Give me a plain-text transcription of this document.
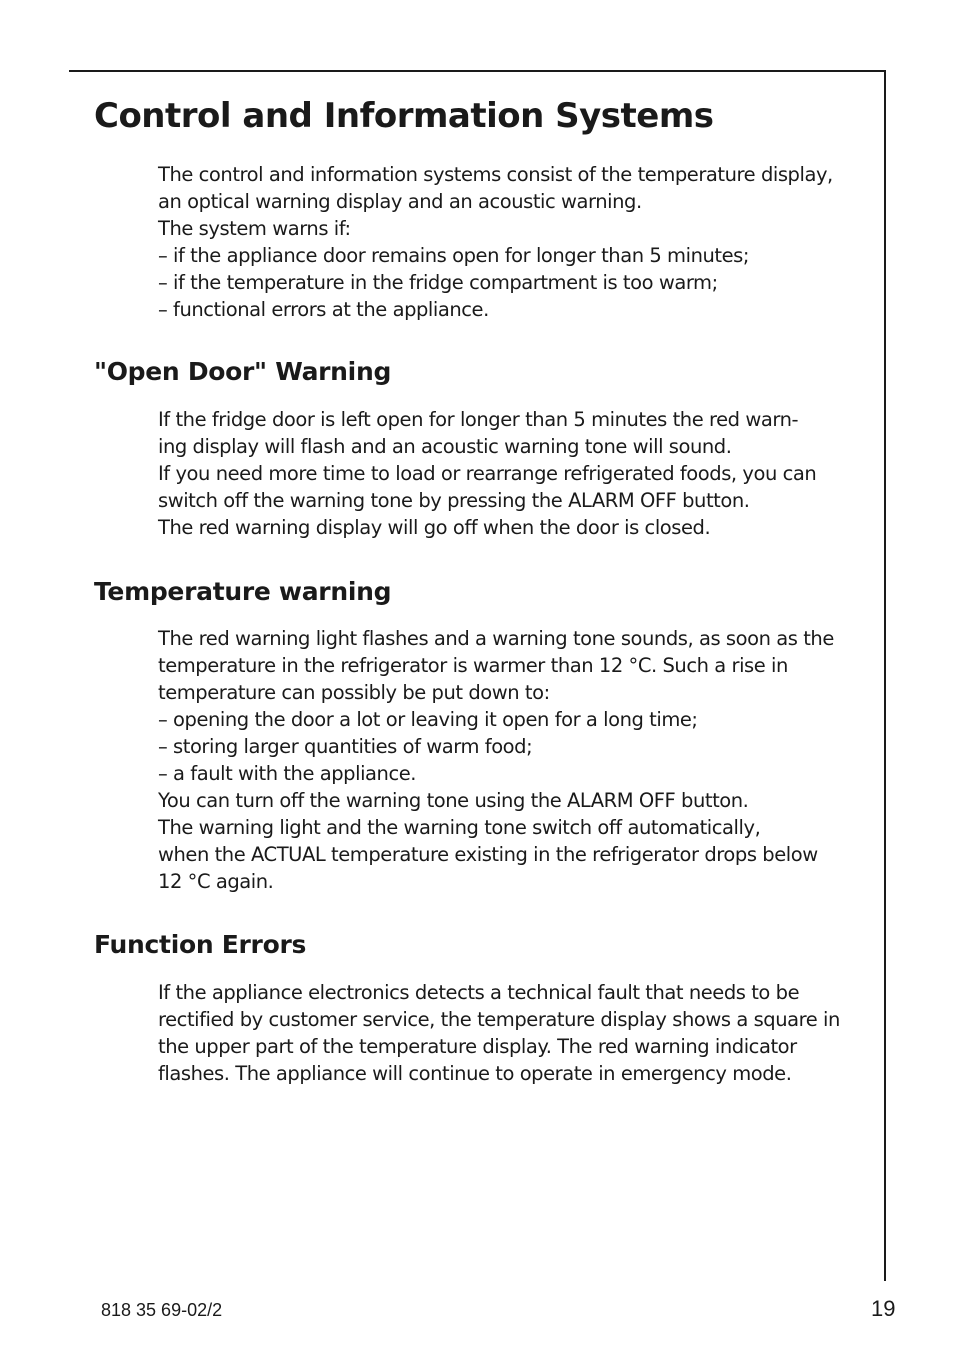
Control and Information Systems
The control and information systems consist of the temperature display,
an optical warning display and an acoustic warning.
The system warns if:
– if the appliance door remains open for longer than 5 minutes;
– if the temperature in the fridge compartment is too warm;
– functional errors at the appliance.
"Open Door" Warning
If the fridge door is left open for longer than 5 minutes the red warn-
ing display will flash and an acoustic warning tone will sound.
If you need more time to load or rearrange refrigerated foods, you can
switch off the warning tone by pressing the ALARM OFF button.
The red warning display will go off when the door is closed.
Temperature warning
The red warning light flashes and a warning tone sounds, as soon as the
temperature in the refrigerator is warmer than 12 °C. Such a rise in
temperature can possibly be put down to:
– opening the door a lot or leaving it open for a long time;
– storing larger quantities of warm food;
– a fault with the appliance.
You can turn off the warning tone using the ALARM OFF button.
The warning light and the warning tone switch off automatically,
when the ACTUAL temperature existing in the refrigerator drops below
12 °C again.
Function Errors
If the appliance electronics detects a technical fault that needs to be
rectified by customer service, the temperature display shows a square in
the upper part of the temperature display. The red warning indicator
flashes. The appliance will continue to operate in emergency mode.
818 35 69-02/2	19
